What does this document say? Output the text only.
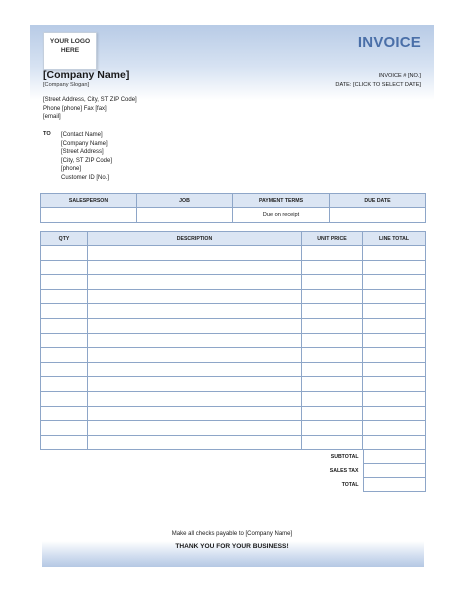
YOUR LOGO
HERE	INVOICE
[Company Name]
[Company Slogan]
INVOICE # [NO.]
DATE: [CLICK TO SELECT DATE]
[Street Address, City, ST ZIP Code]
Phone [phone] Fax [fax]
[email]
TO [Contact Name]
[Company Name]
[Street Address]
[City, ST ZIP Code]
[phone]
Customer ID [No.]
SALESPERSON	JOB	PAYMENT TERMS	DUE DATE
		Due on receipt	
QTY	DESCRIPTION	UNIT PRICE	LINE TOTAL

SUBTOTAL	
SALES TAX	
TOTAL	
Make all checks payable to [Company Name]
THANK YOU FOR YOUR BUSINESS!
